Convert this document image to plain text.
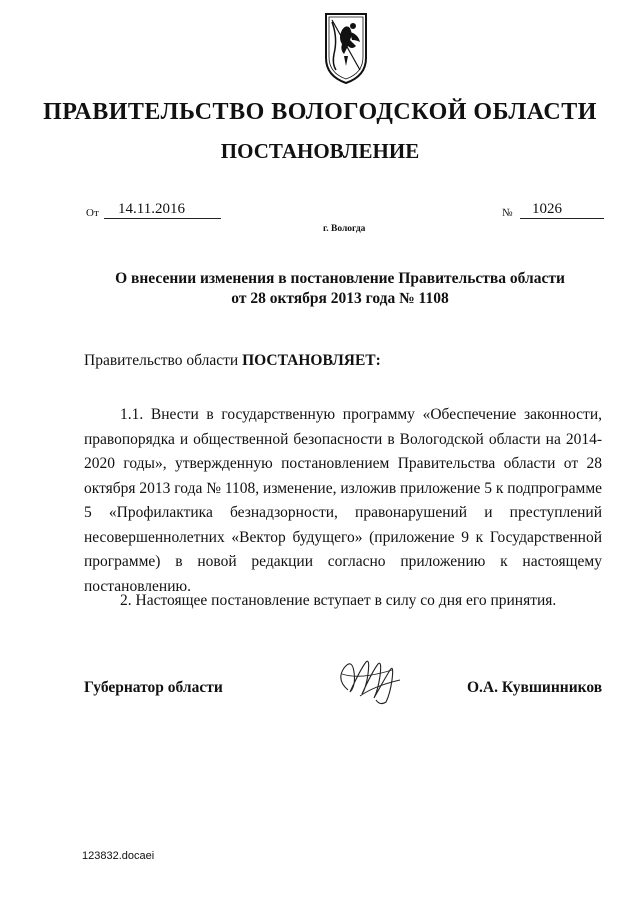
ПРАВИТЕЛЬСТВО ВОЛОГОДСКОЙ ОБЛАСТИ
ПОСТАНОВЛЕНИЕ
От	14.11.2016	№	1026
г. Вологда
О внесении изменения в постановление Правительства области
от 28 октября 2013 года № 1108
Правительство области ПОСТАНОВЛЯЕТ:
1.1. Внести в государственную программу «Обеспечение законности, правопорядка и общественной безопасности в Вологодской области на 2014-2020 годы», утвержденную постановлением Правительства области от 28 октября 2013 года № 1108, изменение, изложив приложение 5 к подпрограмме 5 «Профилактика безнадзорности, правонарушений и преступлений несовершеннолетних «Вектор будущего» (приложение 9 к Государственной программе) в новой редакции согласно приложению к настоящему постановлению.
2. Настоящее постановление вступает в силу со дня его принятия.
Губернатор области	О.А. Кувшинников
123832.docaei
